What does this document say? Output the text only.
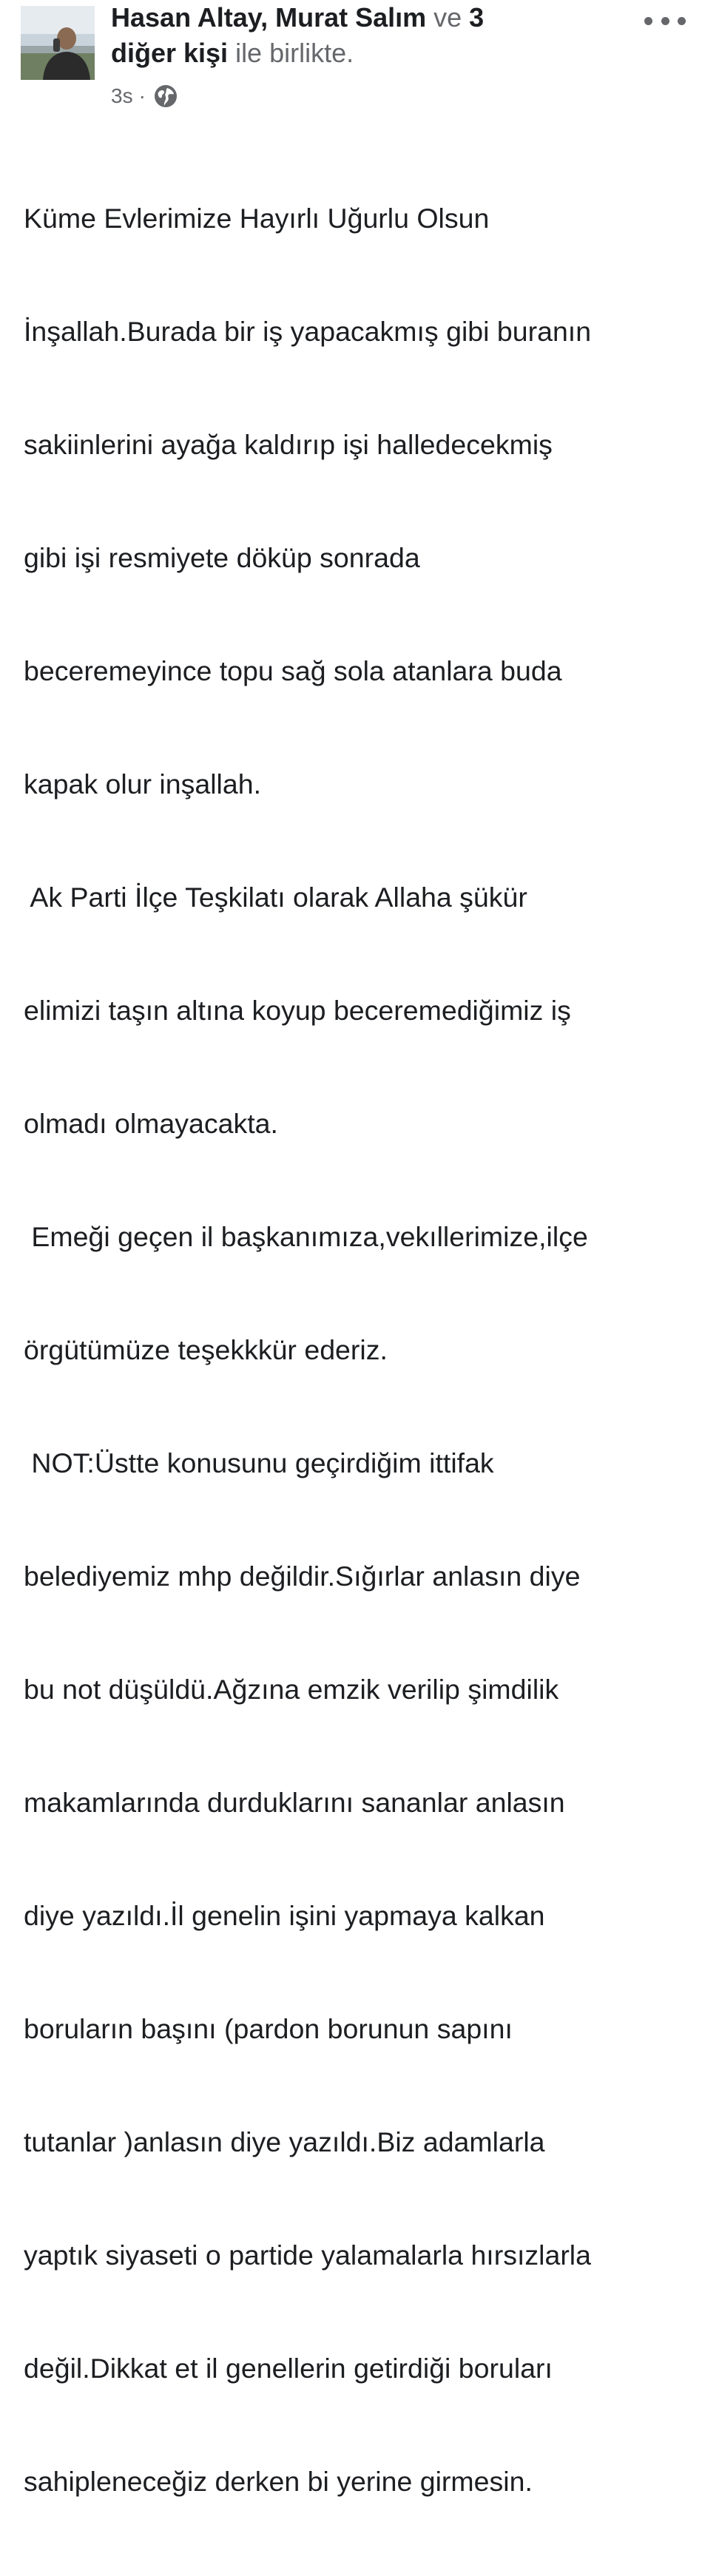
Hasan Altay, Murat Salım ve 3
diğer kişi ile birlikte.
3s ·

Küme Evlerimize Hayırlı Uğurlu Olsun

İnşallah.Burada bir iş yapacakmış gibi buranın

sakiinlerini ayağa kaldırıp işi halledecekmiş

gibi işi resmiyete döküp sonrada

beceremeyince topu sağ sola atanlara buda

kapak olur inşallah.

Ak Parti İlçe Teşkilatı olarak Allaha şükür

elimizi taşın altına koyup beceremediğimiz iş

olmadı olmayacakta.

Emeği geçen il başkanımıza,vekıllerimize,ilçe

örgütümüze teşekkkür ederiz.

NOT:Üstte konusunu geçirdiğim ittifak

belediyemiz mhp değildir.Sığırlar anlasın diye

bu not düşüldü.Ağzına emzik verilip şimdilik

makamlarında durduklarını sananlar anlasın

diye yazıldı.İl genelin işini yapmaya kalkan

boruların başını (pardon borunun sapını

tutanlar )anlasın diye yazıldı.Biz adamlarla

yaptık siyaseti o partide yalamalarla hırsızlarla

değil.Dikkat et il genellerin getirdiği boruları

sahipleneceğiz derken bi yerine girmesin.
